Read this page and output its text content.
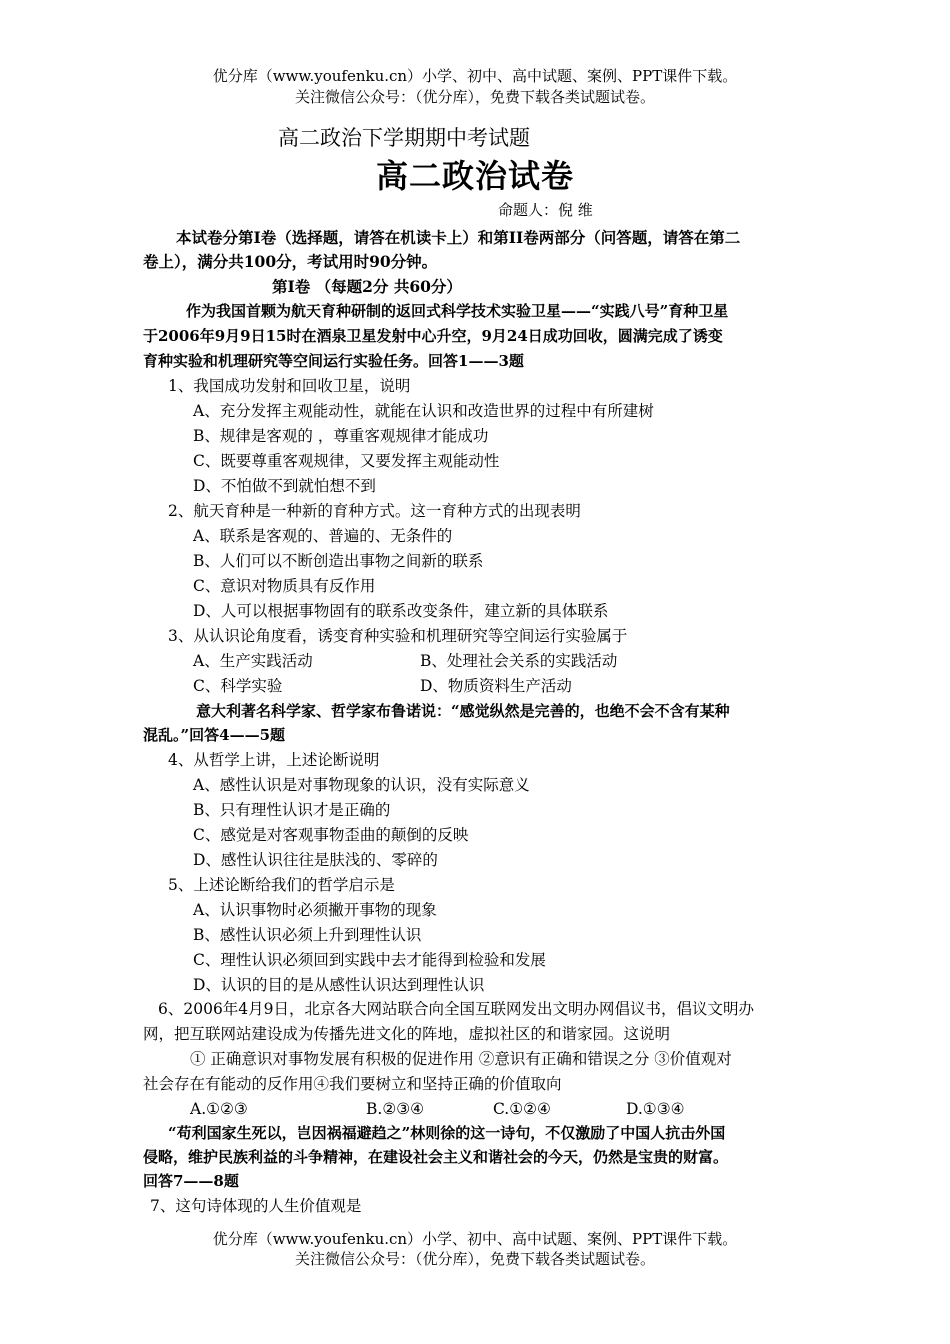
优分库（www.youfenku.cn）小学、初中、高中试题、案例、PPT课件下载。
关注微信公众号：（优分库），免费下载各类试题试卷。
高二政治下学期期中考试题
高二政治试卷
命题人：倪 维
本试卷分第Ⅰ卷（选择题，请答在机读卡上）和第ⅠⅠ卷两部分（问答题，请答在第二
卷上），满分共100分，考试用时90分钟。
第Ⅰ卷 （每题2分 共60分）
作为我国首颗为航天育种研制的返回式科学技术实验卫星——“实践八号”育种卫星
于2006年9月9日15时在酒泉卫星发射中心升空，9月24日成功回收，圆满完成了诱变
育种实验和机理研究等空间运行实验任务。回答1——3题
1、我国成功发射和回收卫星，说明
A、充分发挥主观能动性，就能在认识和改造世界的过程中有所建树
B、规律是客观的 ，尊重客观规律才能成功
C、既要尊重客观规律，又要发挥主观能动性
D、不怕做不到就怕想不到
2、航天育种是一种新的育种方式。这一育种方式的出现表明
A、联系是客观的、普遍的、无条件的
B、人们可以不断创造出事物之间新的联系
C、意识对物质具有反作用
D、人可以根据事物固有的联系改变条件，建立新的具体联系
3、从认识论角度看，诱变育种实验和机理研究等空间运行实验属于
A、生产实践活动	B、处理社会关系的实践活动
C、科学实验	D、物质资料生产活动
意大利著名科学家、哲学家布鲁诺说：“感觉纵然是完善的，也绝不会不含有某种
混乱。”回答4——5题
4、从哲学上讲，上述论断说明
A、感性认识是对事物现象的认识，没有实际意义
B、只有理性认识才是正确的
C、感觉是对客观事物歪曲的颠倒的反映
D、感性认识往往是肤浅的、零碎的
5、上述论断给我们的哲学启示是
A、认识事物时必须撇开事物的现象
B、感性认识必须上升到理性认识
C、理性认识必须回到实践中去才能得到检验和发展
D、认识的目的是从感性认识达到理性认识
6、2006年4月9日，北京各大网站联合向全国互联网发出文明办网倡议书，倡议文明办
网，把互联网站建设成为传播先进文化的阵地，虚拟社区的和谐家园。这说明
① 正确意识对事物发展有积极的促进作用 ②意识有正确和错误之分 ③价值观对
社会存在有能动的反作用④我们要树立和坚持正确的价值取向
A.①②③	B.②③④	C.①②④	D.①③④
“苟利国家生死以，岂因祸福避趋之”林则徐的这一诗句，不仅激励了中国人抗击外国
侵略，维护民族利益的斗争精神，在建设社会主义和谐社会的今天，仍然是宝贵的财富。
回答7——8题
7、这句诗体现的人生价值观是
优分库（www.youfenku.cn）小学、初中、高中试题、案例、PPT课件下载。
关注微信公众号：（优分库），免费下载各类试题试卷。
